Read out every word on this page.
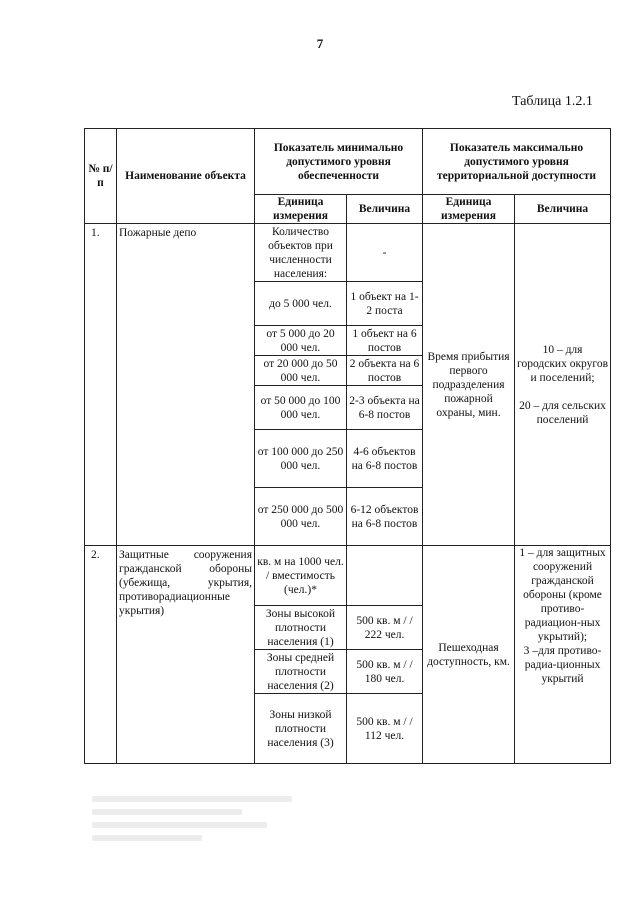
7
Таблица 1.2.1
№ п/п	Наименование объекта	Показатель минимально допустимого уровня обеспеченности		Показатель максимально допустимого уровня территориальной доступности	
		Единица измерения	Величина	Единица измерения	Величина
1.	Пожарные депо	Количество объектов при численности населения:	-	Время прибытия первого подразделения пожарной охраны, мин.	10 – для городских округов и поселений;
20 – для сельских поселений

		до 5 000 чел.	1 объект на 1-2 поста		
		от 5 000 до 20 000 чел.	1 объект на 6 постов		
		от 20 000 до 50 000 чел.	2 объекта на 6 постов		
		от 50 000 до 100 000 чел.	2-3 объекта на 6-8 постов		
		от 100 000 до 250 000 чел.	4-6 объектов на 6-8 постов		
		от 250 000 до 500 000 чел.	6-12 объектов на 6-8 постов		
2.	Защитные сооружения гражданской обороны (убежища, укрытия, противорадиационные укрытия)	кв. м на 1000 чел. / вместимость (чел.)*		Пешеходная доступность, км.	1 – для защитных сооружений гражданской обороны (кроме противо-радиацион-ных укрытий);
3 –для противо-радиа-ционных укрытий

		Зоны высокой плотности населения (1)	500 кв. м / / 222 чел.		
		Зоны средней плотности населения (2)	500 кв. м / / 180 чел.		
		Зоны низкой плотности населения (3)	500 кв. м / / 112 чел.		
